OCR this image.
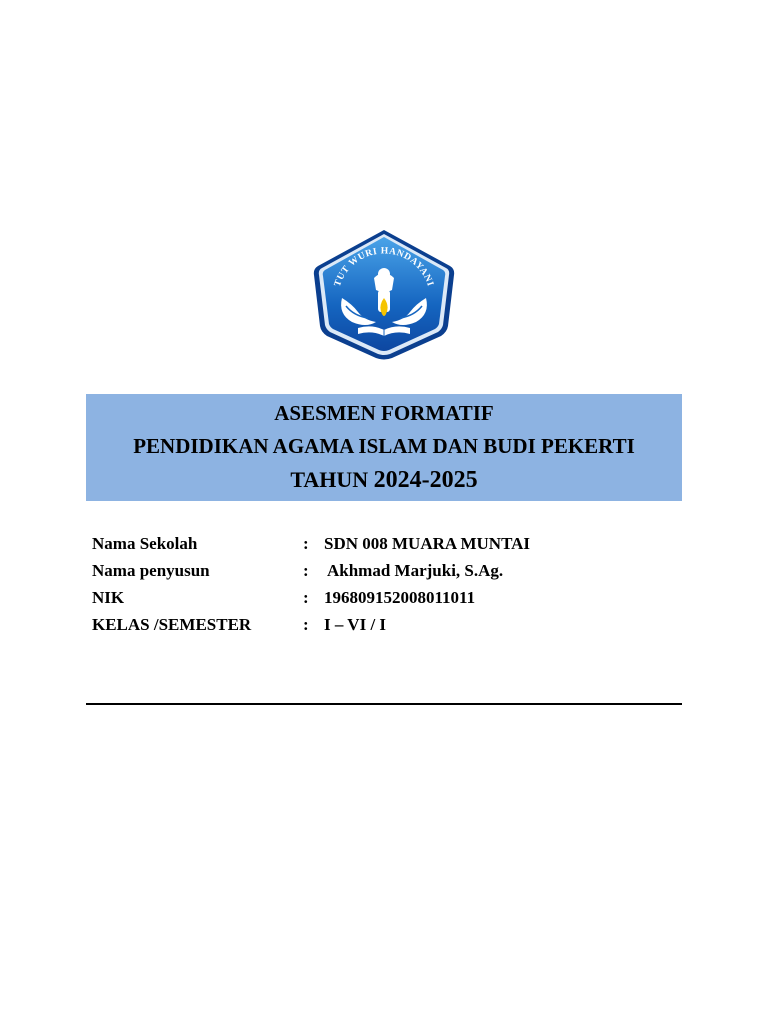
TUT WURI HANDAYANI
ASESMEN FORMATIF
PENDIDIKAN AGAMA ISLAM DAN BUDI PEKERTI
TAHUN 2024-2025
Nama Sekolah	: SDN 008 MUARA MUNTAI
Nama penyusun	: Akhmad Marjuki, S.Ag.
NIK	: 196809152008011011
KELAS /SEMESTER	: I – VI / I
